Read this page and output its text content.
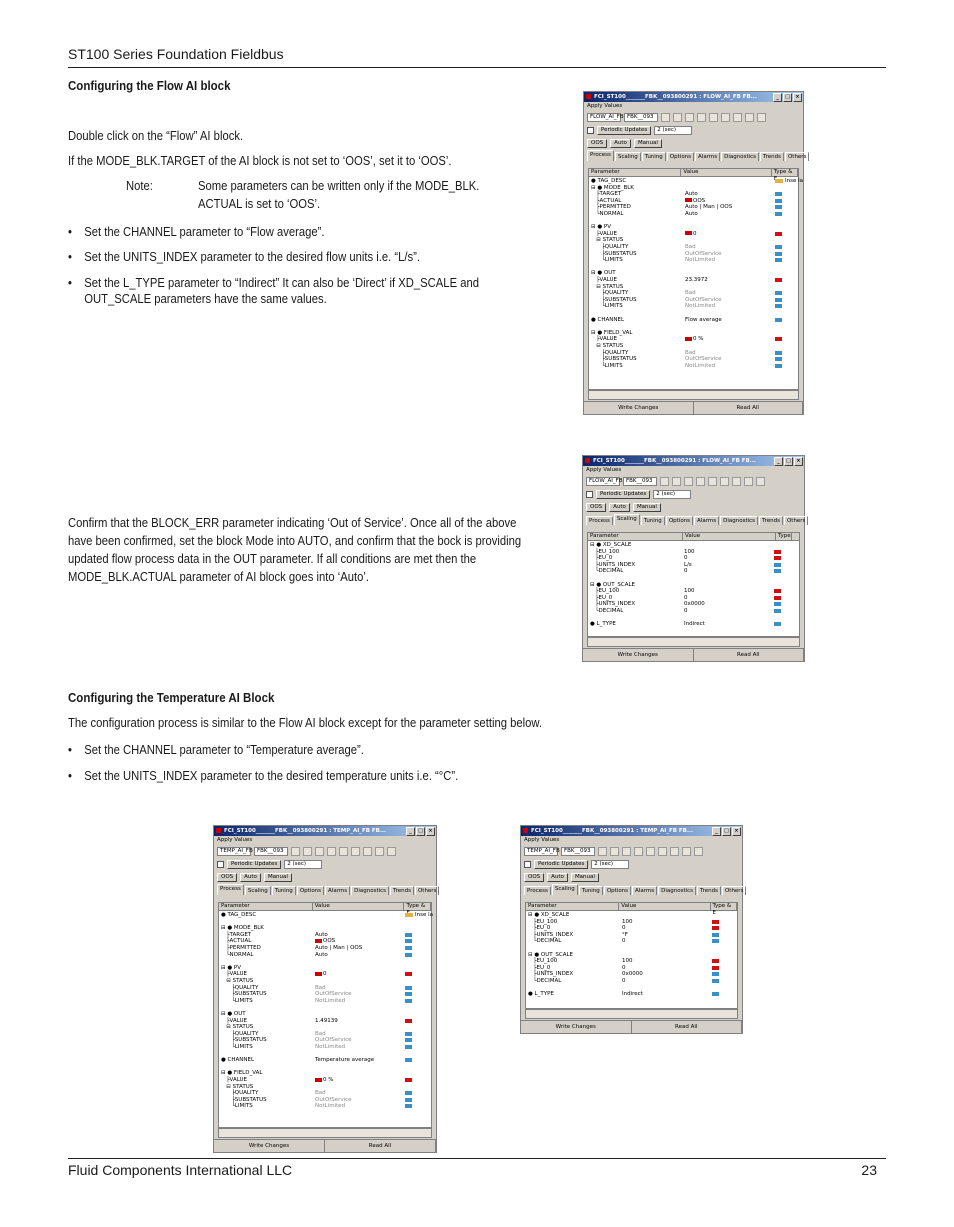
ST100 Series Foundation Fieldbus
Configuring the Flow AI block
Double click on the “Flow” AI block.
If the MODE_BLK.TARGET of the AI block is not set to ‘OOS’, set it to ‘OOS’.
Note:	Some parameters can be written only if the MODE_BLK. ACTUAL is set to ‘OOS’.
• Set the CHANNEL parameter to “Flow average”.
• Set the UNITS_INDEX parameter to the desired flow units i.e. “L/s”.
• Set the L_TYPE parameter to “Indirect” It can also be ‘Direct’ if XD_SCALE and OUT_SCALE parameters have the same values.
Confirm that the BLOCK_ERR parameter indicating ‘Out of Service’. Once all of the above have been confirmed, set the block Mode into AUTO, and confirm that the bock is providing updated flow process data in the OUT parameter. If all conditions are met then the MODE_BLK.ACTUAL parameter of AI block goes into ‘Auto’.
Configuring the Temperature AI Block
The configuration process is similar to the Flow AI block except for the parameter setting below.
• Set the CHANNEL parameter to “Temperature average”.
• Set the UNITS_INDEX parameter to the desired temperature units i.e. “°C”.
FCI_ST100_______FBK__093800291 : FLOW_AI_FB FB...	_	□	×
Apply Values
FLOW_AI_FB FBK__093
Periodic Updates	2 (sec)
OOS	Auto	Manual
Process	Scaling	Tuning	Options	Alarms	Diagnostics	Trends	Others
Parameter	Value	Type &
● TAG_DESC	Inse la
⊟ ● MODE_BLK
├TARGET	Auto
├ACTUAL	OOS
├PERMITTED	Auto | Man | OOS
└NORMAL	Auto
⊟ ● PV
├VALUE	0
⊟ STATUS
├QUALITY	Bad
├SUBSTATUS	OutOfService
└LIMITS	NotLimited
⊟ ● OUT
├VALUE	23.3972
⊟ STATUS
├QUALITY	Bad
├SUBSTATUS	OutOfService
└LIMITS	NotLimited
● CHANNEL	Flow average
⊟ ● FIELD_VAL
├VALUE	0 %
⊟ STATUS
├QUALITY	Bad
├SUBSTATUS	OutOfService
└LIMITS	NotLimited
Write Changes	Read All
FCI_ST100_______FBK__093800291 : FLOW_AI_FB FB...	_	□	×
Apply Values
FLOW_AI_FB FBK__093
Periodic Updates	2 (sec)
OOS	Auto	Manual
Process	Scaling	Tuning	Options	Alarms	Diagnostics	Trends	Others
Parameter	Value	Type
⊟ ● XD_SCALE
├EU_100	100
├EU_0	0
├UNITS_INDEX	L/s
└DECIMAL	0
⊟ ● OUT_SCALE
├EU_100	100
├EU_0	0
├UNITS_INDEX	0x0000
└DECIMAL	0
● L_TYPE	Indirect
Write Changes	Read All
FCI_ST100_______FBK__093800291 : TEMP_AI_FB FB...	_	□	×
Apply Values
TEMP_AI_FB FBK__093
Periodic Updates	2 (sec)
OOS	Auto	Manual
Process	Scaling	Tuning	Options	Alarms	Diagnostics	Trends	Others
Parameter	Value	Type &
● TAG_DESC	Inse la
⊟ ● MODE_BLK
├TARGET	Auto
├ACTUAL	OOS
├PERMITTED	Auto | Man | OOS
└NORMAL	Auto
⊟ ● PV
├VALUE	0
⊟ STATUS
├QUALITY	Bad
├SUBSTATUS	OutOfService
└LIMITS	NotLimited
⊟ ● OUT
├VALUE	1.49139
⊟ STATUS
├QUALITY	Bad
├SUBSTATUS	OutOfService
└LIMITS	NotLimited
● CHANNEL	Temperature average
⊟ ● FIELD_VAL
├VALUE	0 %
⊟ STATUS
├QUALITY	Bad
├SUBSTATUS	OutOfService
└LIMITS	NotLimited
Write Changes	Read All
FCI_ST100_______FBK__093800291 : TEMP_AI_FB FB...	_	□	×
Apply Values
TEMP_AI_FB FBK__093
Periodic Updates	2 (sec)
OOS	Auto	Manual
Process	Scaling	Tuning	Options	Alarms	Diagnostics	Trends	Others
Parameter	Value	Type & E
⊟ ● XD_SCALE
├EU_100	100
├EU_0	0
├UNITS_INDEX	°F
└DECIMAL	0
⊟ ● OUT_SCALE
├EU_100	100
├EU_0	0
├UNITS_INDEX	0x0000
└DECIMAL	0
● L_TYPE	Indirect
Write Changes	Read All
Fluid Components International LLC	23
